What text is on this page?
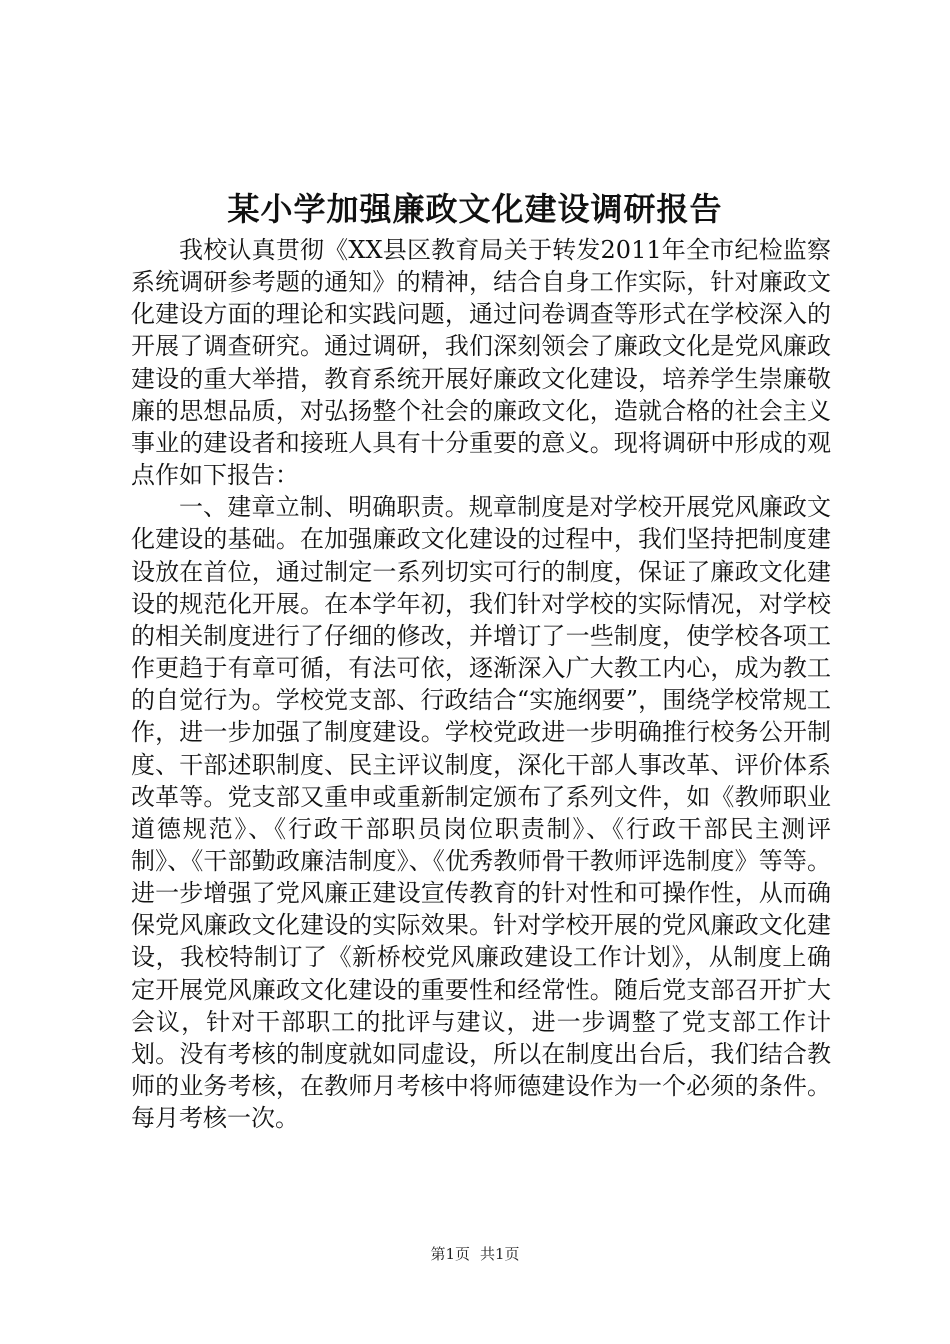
某小学加强廉政文化建设调研报告

我校认真贯彻《XX县区教育局关于转发2011年全市纪检监察系统调研参考题的通知》的精神，结合自身工作实际，针对廉政文化建设方面的理论和实践问题，通过问卷调查等形式在学校深入的开展了调查研究。通过调研，我们深刻领会了廉政文化是党风廉政建设的重大举措，教育系统开展好廉政文化建设，培养学生崇廉敬廉的思想品质，对弘扬整个社会的廉政文化，造就合格的社会主义事业的建设者和接班人具有十分重要的意义。现将调研中形成的观点作如下报告：

一、建章立制、明确职责。规章制度是对学校开展党风廉政文化建设的基础。在加强廉政文化建设的过程中，我们坚持把制度建设放在首位，通过制定一系列切实可行的制度，保证了廉政文化建设的规范化开展。在本学年初，我们针对学校的实际情况，对学校的相关制度进行了仔细的修改，并增订了一些制度，使学校各项工作更趋于有章可循，有法可依，逐渐深入广大教工内心，成为教工的自觉行为。学校党支部、行政结合“实施纲要”，围绕学校常规工作，进一步加强了制度建设。学校党政进一步明确推行校务公开制度、干部述职制度、民主评议制度，深化干部人事改革、评价体系改革等。党支部又重申或重新制定颁布了系列文件，如《教师职业道德规范》、《行政干部职员岗位职责制》、《行政干部民主测评制》、《干部勤政廉洁制度》、《优秀教师骨干教师评选制度》等等。进一步增强了党风廉正建设宣传教育的针对性和可操作性，从而确保党风廉政文化建设的实际效果。针对学校开展的党风廉政文化建设，我校特制订了《新桥校党风廉政建设工作计划》，从制度上确定开展党风廉政文化建设的重要性和经常性。随后党支部召开扩大会议，针对干部职工的批评与建议，进一步调整了党支部工作计划。没有考核的制度就如同虚设，所以在制度出台后，我们结合教师的业务考核，在教师月考核中将师德建设作为一个必须的条件。每月考核一次。

第1页 共1页
